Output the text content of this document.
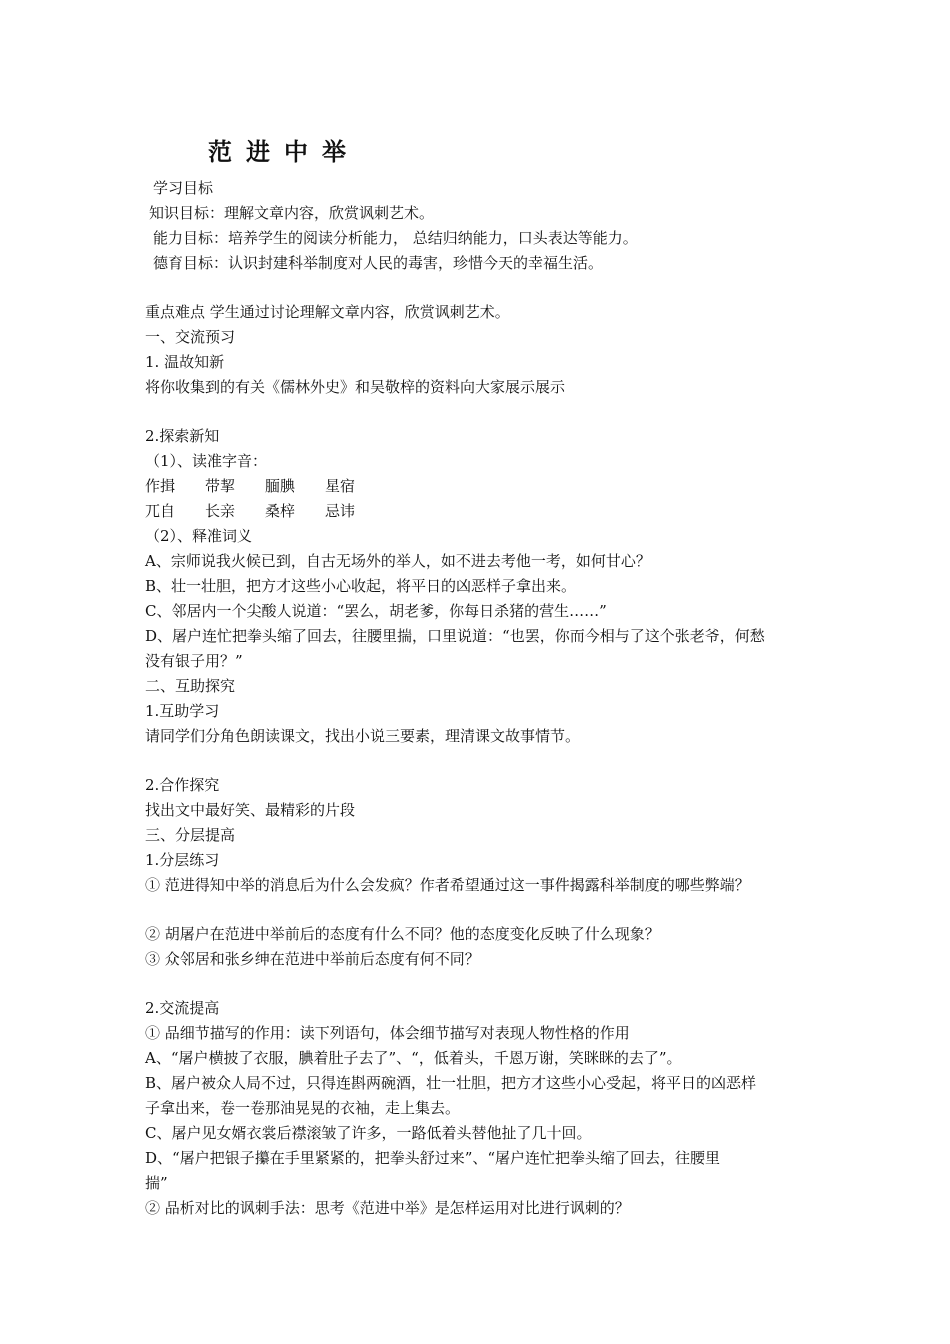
范进中举
学习目标
知识目标：理解文章内容，欣赏讽刺艺术。
能力目标：培养学生的阅读分析能力， 总结归纳能力，口头表达等能力。
德育目标：认识封建科举制度对人民的毒害，珍惜今天的幸福生活。
重点难点 学生通过讨论理解文章内容，欣赏讽刺艺术。
一、交流预习
1. 温故知新
将你收集到的有关《儒林外史》和吴敬梓的资料向大家展示展示
2.探索新知
（1）、读准字音：
作揖　　带挈　　腼腆　　星宿
兀自　　长亲　　桑梓　　忌讳
（2）、释准词义
A、宗师说我火候已到，自古无场外的举人，如不进去考他一考，如何甘心？
B、壮一壮胆，把方才这些小心收起，将平日的凶恶样子拿出来。
C、邻居内一个尖酸人说道：“罢么，胡老爹，你每日杀猪的营生……”
D、屠户连忙把拳头缩了回去，往腰里揣，口里说道：“也罢，你而今相与了这个张老爷，何愁
没有银子用？”
二、互助探究
1.互助学习
请同学们分角色朗读课文，找出小说三要素，理清课文故事情节。
2.合作探究
找出文中最好笑、最精彩的片段
三、分层提高
1.分层练习
① 范进得知中举的消息后为什么会发疯？作者希望通过这一事件揭露科举制度的哪些弊端？
② 胡屠户在范进中举前后的态度有什么不同？他的态度变化反映了什么现象？
③ 众邻居和张乡绅在范进中举前后态度有何不同？
2.交流提高
① 品细节描写的作用：读下列语句，体会细节描写对表现人物性格的作用
A、“屠户横披了衣服，腆着肚子去了”、“，低着头，千恩万谢，笑眯眯的去了”。
B、屠户被众人局不过，只得连斟两碗酒，壮一壮胆，把方才这些小心受起，将平日的凶恶样
子拿出来，卷一卷那油晃晃的衣袖，走上集去。
C、屠户见女婿衣裳后襟滚皱了许多，一路低着头替他扯了几十回。
D、“屠户把银子攥在手里紧紧的，把拳头舒过来”、“屠户连忙把拳头缩了回去，往腰里
揣”
② 品析对比的讽刺手法：思考《范进中举》是怎样运用对比进行讽刺的？
